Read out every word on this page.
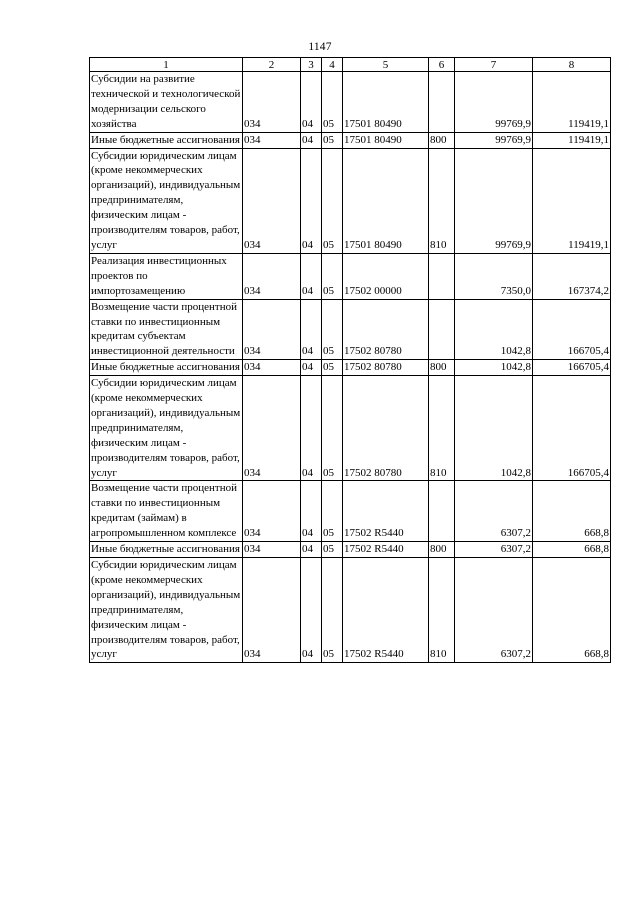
1147
1	2	3	4	5	6	7	8
Субсидии на развитие технической и технологической модернизации сельского хозяйства	034	04	05	17501 80490		99769,9	119419,1
Иные бюджетные ассигнования	034	04	05	17501 80490	800	99769,9	119419,1
Субсидии юридическим лицам (кроме некоммерческих организаций), индивидуальным предпринимателям, физическим лицам - производителям товаров, работ, услуг	034	04	05	17501 80490	810	99769,9	119419,1
Реализация инвестиционных проектов по импортозамещению	034	04	05	17502 00000		7350,0	167374,2
Возмещение части процентной ставки по инвестиционным кредитам субъектам инвестиционной деятельности	034	04	05	17502 80780		1042,8	166705,4
Иные бюджетные ассигнования	034	04	05	17502 80780	800	1042,8	166705,4
Субсидии юридическим лицам (кроме некоммерческих организаций), индивидуальным предпринимателям, физическим лицам - производителям товаров, работ, услуг	034	04	05	17502 80780	810	1042,8	166705,4
Возмещение части процентной ставки по инвестиционным кредитам (займам) в агропромышленном комплексе	034	04	05	17502 R5440		6307,2	668,8
Иные бюджетные ассигнования	034	04	05	17502 R5440	800	6307,2	668,8
Субсидии юридическим лицам (кроме некоммерческих организаций), индивидуальным предпринимателям, физическим лицам - производителям товаров, работ, услуг	034	04	05	17502 R5440	810	6307,2	668,8
